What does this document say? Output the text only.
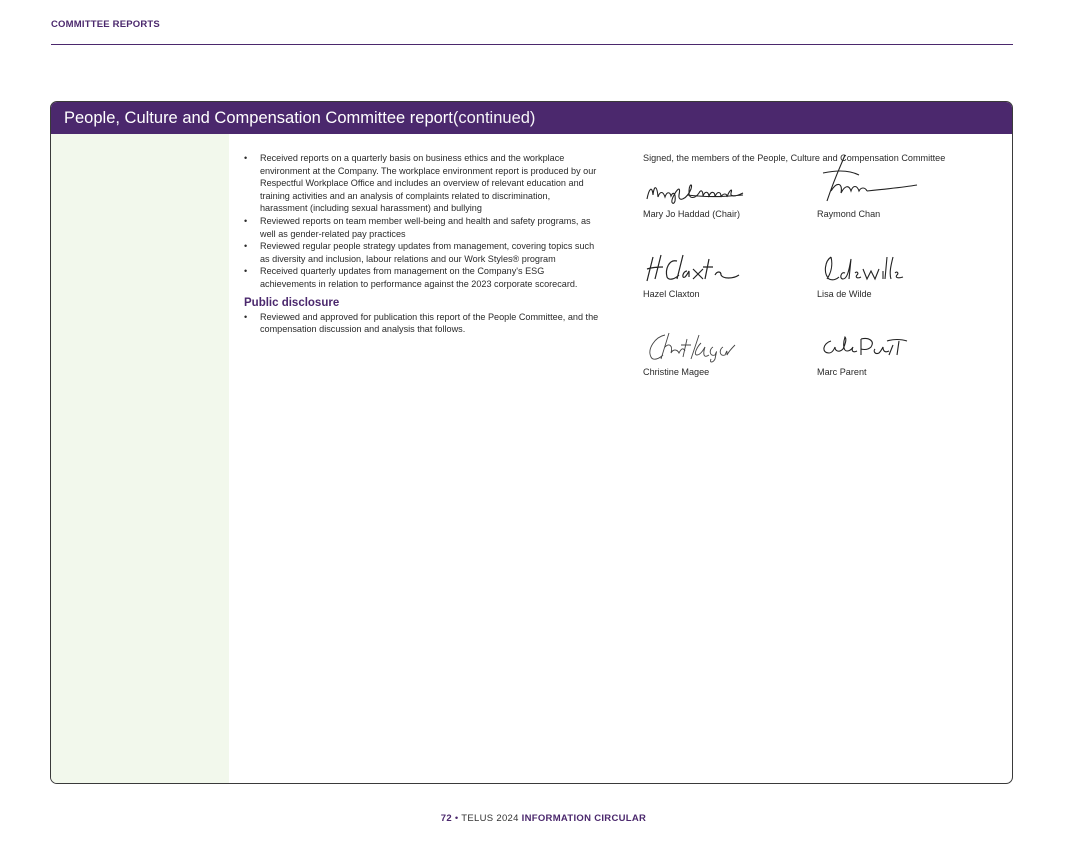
COMMITTEE REPORTS
People, Culture and Compensation Committee report (continued)
• Received reports on a quarterly basis on business ethics and the workplace environment at the Company. The workplace environment report is produced by our Respectful Workplace Office and includes an overview of relevant education and training activities and an analysis of complaints related to discrimination, harassment (including sexual harassment) and bullying
• Reviewed reports on team member well-being and health and safety programs, as well as gender-related pay practices
• Reviewed regular people strategy updates from management, covering topics such as diversity and inclusion, labour relations and our Work Styles® program
• Received quarterly updates from management on the Company's ESG achievements in relation to performance against the 2023 corporate scorecard.
Public disclosure
• Reviewed and approved for publication this report of the People Committee, and the compensation discussion and analysis that follows.
Signed, the members of the People, Culture and Compensation Committee
Mary Jo Haddad (Chair)	Raymond Chan
Hazel Claxton	Lisa de Wilde
Christine Magee	Marc Parent
72 • TELUS 2024 INFORMATION CIRCULAR
